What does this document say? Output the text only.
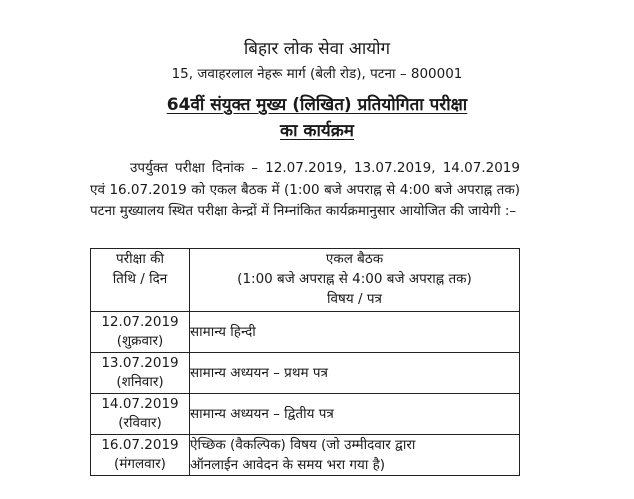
बिहार लोक सेवा आयोग
15, जवाहरलाल नेहरू मार्ग (बेली रोड), पटना – 800001
64वीं संयुक्त मुख्य (लिखित) प्रतियोगिता परीक्षा
का कार्यक्रम

उपर्युक्त परीक्षा दिनांक – 12.07.2019, 13.07.2019, 14.07.2019 एवं 16.07.2019 को एकल बैठक में (1:00 बजे अपराह्न से 4:00 बजे अपराह्न तक) पटना मुख्यालय स्थित परीक्षा केन्द्रों में निम्नांकित कार्यक्रमानुसार आयोजित की जायेगी :–

परीक्षा की
तिथि / दिन	एकल बैठक
(1:00 बजे अपराह्न से 4:00 बजे अपराह्न तक)
विषय / पत्र

12.07.2019
(शुक्रवार)	सामान्य हिन्दी

13.07.2019
(शनिवार)	सामान्य अध्ययन – प्रथम पत्र

14.07.2019
(रविवार)	सामान्य अध्ययन – द्वितीय पत्र

16.07.2019
(मंगलवार)	ऐच्छिक (वैकल्पिक) विषय (जो उम्मीदवार द्वारा
ऑनलाईन आवेदन के समय भरा गया है)
